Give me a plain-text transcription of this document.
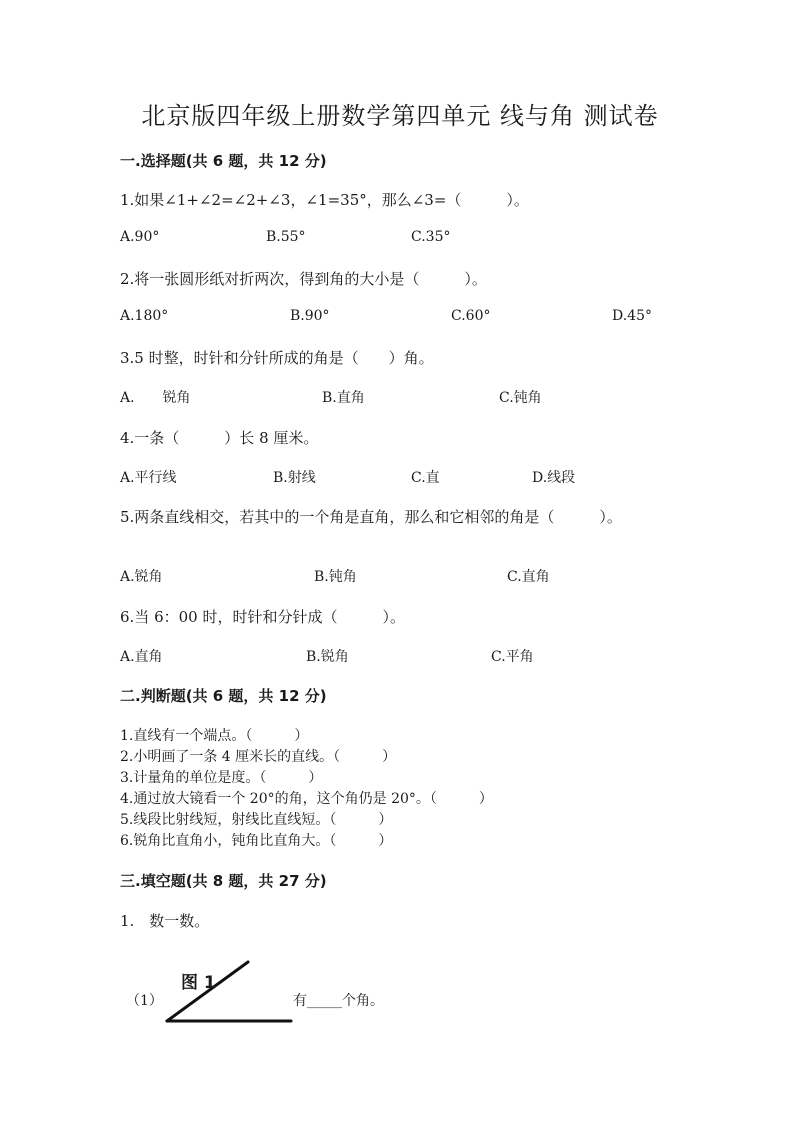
北京版四年级上册数学第四单元 线与角 测试卷
一.选择题(共 6 题，共 12 分)
1.如果∠1+∠2=∠2+∠3，∠1=35°，那么∠3=（　　　）。
A.90°	B.55°	C.35°
2.将一张圆形纸对折两次，得到角的大小是（　　　）。
A.180°	B.90°	C.60°	D.45°
3.5 时整，时针和分针所成的角是（　　）角。
A.　　锐角	B.直角	C.钝角
4.一条（　　　）长 8 厘米。
A.平行线	B.射线	C.直	D.线段
5.两条直线相交，若其中的一个角是直角，那么和它相邻的角是（　　　）。
A.锐角	B.钝角	C.直角
6.当 6：00 时，时针和分针成（　　　）。
A.直角	B.锐角	C.平角
二.判断题(共 6 题，共 12 分)
1.直线有一个端点。（　　　）
2.小明画了一条 4 厘米长的直线。（　　　）
3.计量角的单位是度。（　　　）
4.通过放大镜看一个 20°的角，这个角仍是 20°。（　　　）
5.线段比射线短，射线比直线短。（　　　）
6.锐角比直角小，钝角比直角大。（　　　）
三.填空题(共 8 题，共 27 分)
1.　数一数。
（1）
图 1
有_____个角。
